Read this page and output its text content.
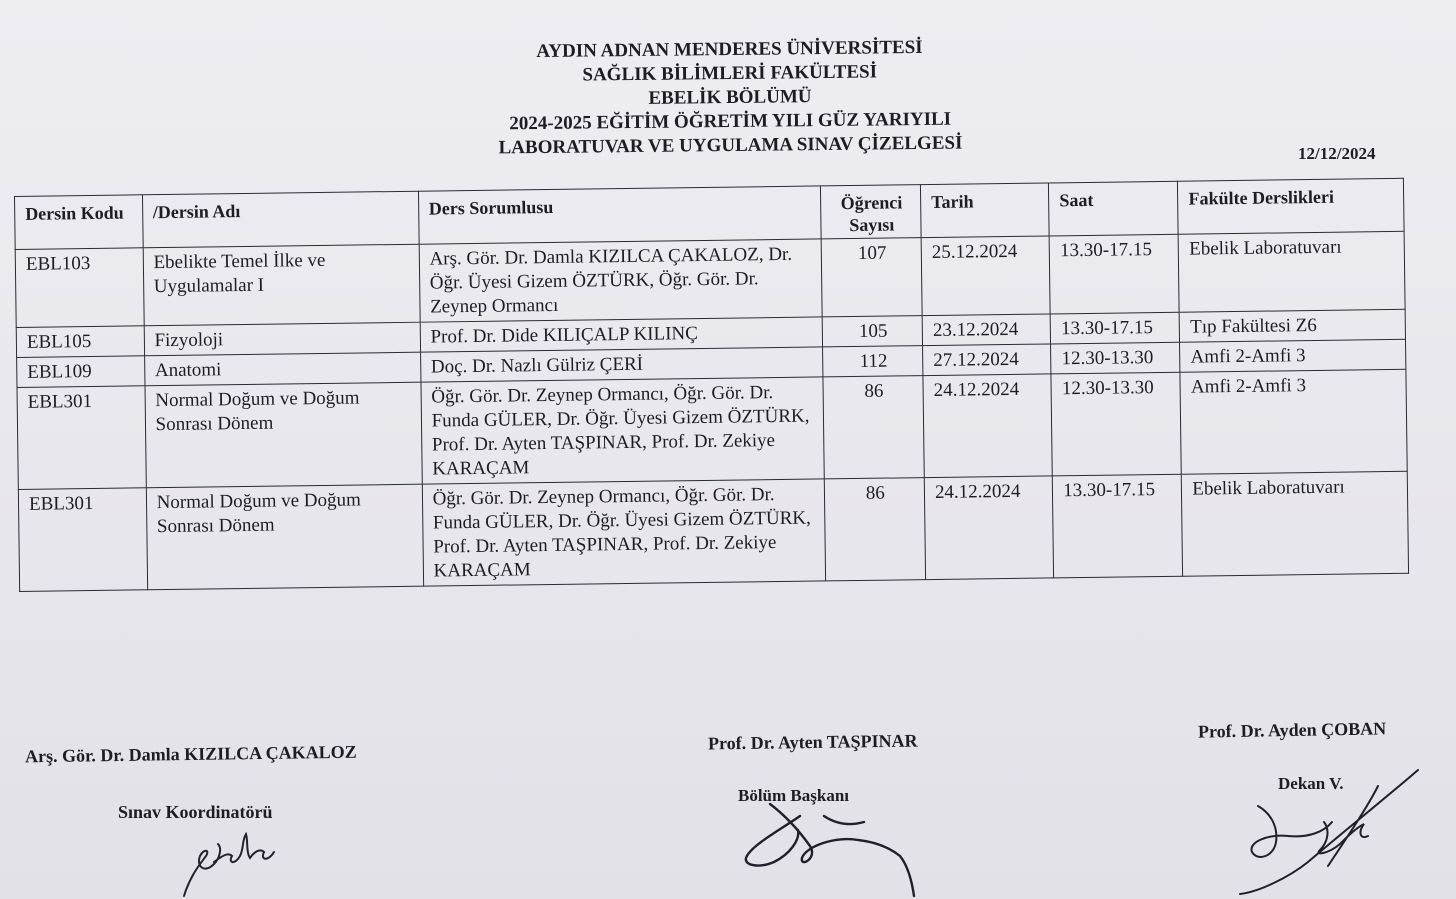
AYDIN ADNAN MENDERES ÜNİVERSİTESİ
SAĞLIK BİLİMLERİ FAKÜLTESİ
EBELİK BÖLÜMÜ
2024-2025 EĞİTİM ÖĞRETİM YILI GÜZ YARIYILI
LABORATUVAR VE UYGULAMA SINAV ÇİZELGESİ	12/12/2024
Dersin Kodu	/Dersin Adı	Ders Sorumlusu	Öğrenci Sayısı	Tarih	Saat	Fakülte Derslikleri
EBL103	Ebelikte Temel İlke ve Uygulamalar I	Arş. Gör. Dr. Damla KIZILCA ÇAKALOZ, Dr. Öğr. Üyesi Gizem ÖZTÜRK, Öğr. Gör. Dr. Zeynep Ormancı	107	25.12.2024	13.30-17.15	Ebelik Laboratuvarı
EBL105	Fizyoloji	Prof. Dr. Dide KILIÇALP KILINÇ	105	23.12.2024	13.30-17.15	Tıp Fakültesi Z6
EBL109	Anatomi	Doç. Dr. Nazlı Gülriz ÇERİ	112	27.12.2024	12.30-13.30	Amfi 2-Amfi 3
EBL301	Normal Doğum ve Doğum Sonrası Dönem	Öğr. Gör. Dr. Zeynep Ormancı, Öğr. Gör. Dr. Funda GÜLER, Dr. Öğr. Üyesi Gizem ÖZTÜRK, Prof. Dr. Ayten TAŞPINAR, Prof. Dr. Zekiye KARAÇAM	86	24.12.2024	12.30-13.30	Amfi 2-Amfi 3
EBL301	Normal Doğum ve Doğum Sonrası Dönem	Öğr. Gör. Dr. Zeynep Ormancı, Öğr. Gör. Dr. Funda GÜLER, Dr. Öğr. Üyesi Gizem ÖZTÜRK, Prof. Dr. Ayten TAŞPINAR, Prof. Dr. Zekiye KARAÇAM	86	24.12.2024	13.30-17.15	Ebelik Laboratuvarı
Arş. Gör. Dr. Damla KIZILCA ÇAKALOZ
Sınav Koordinatörü
Prof. Dr. Ayten TAŞPINAR
Bölüm Başkanı
Prof. Dr. Ayden ÇOBAN
Dekan V.
